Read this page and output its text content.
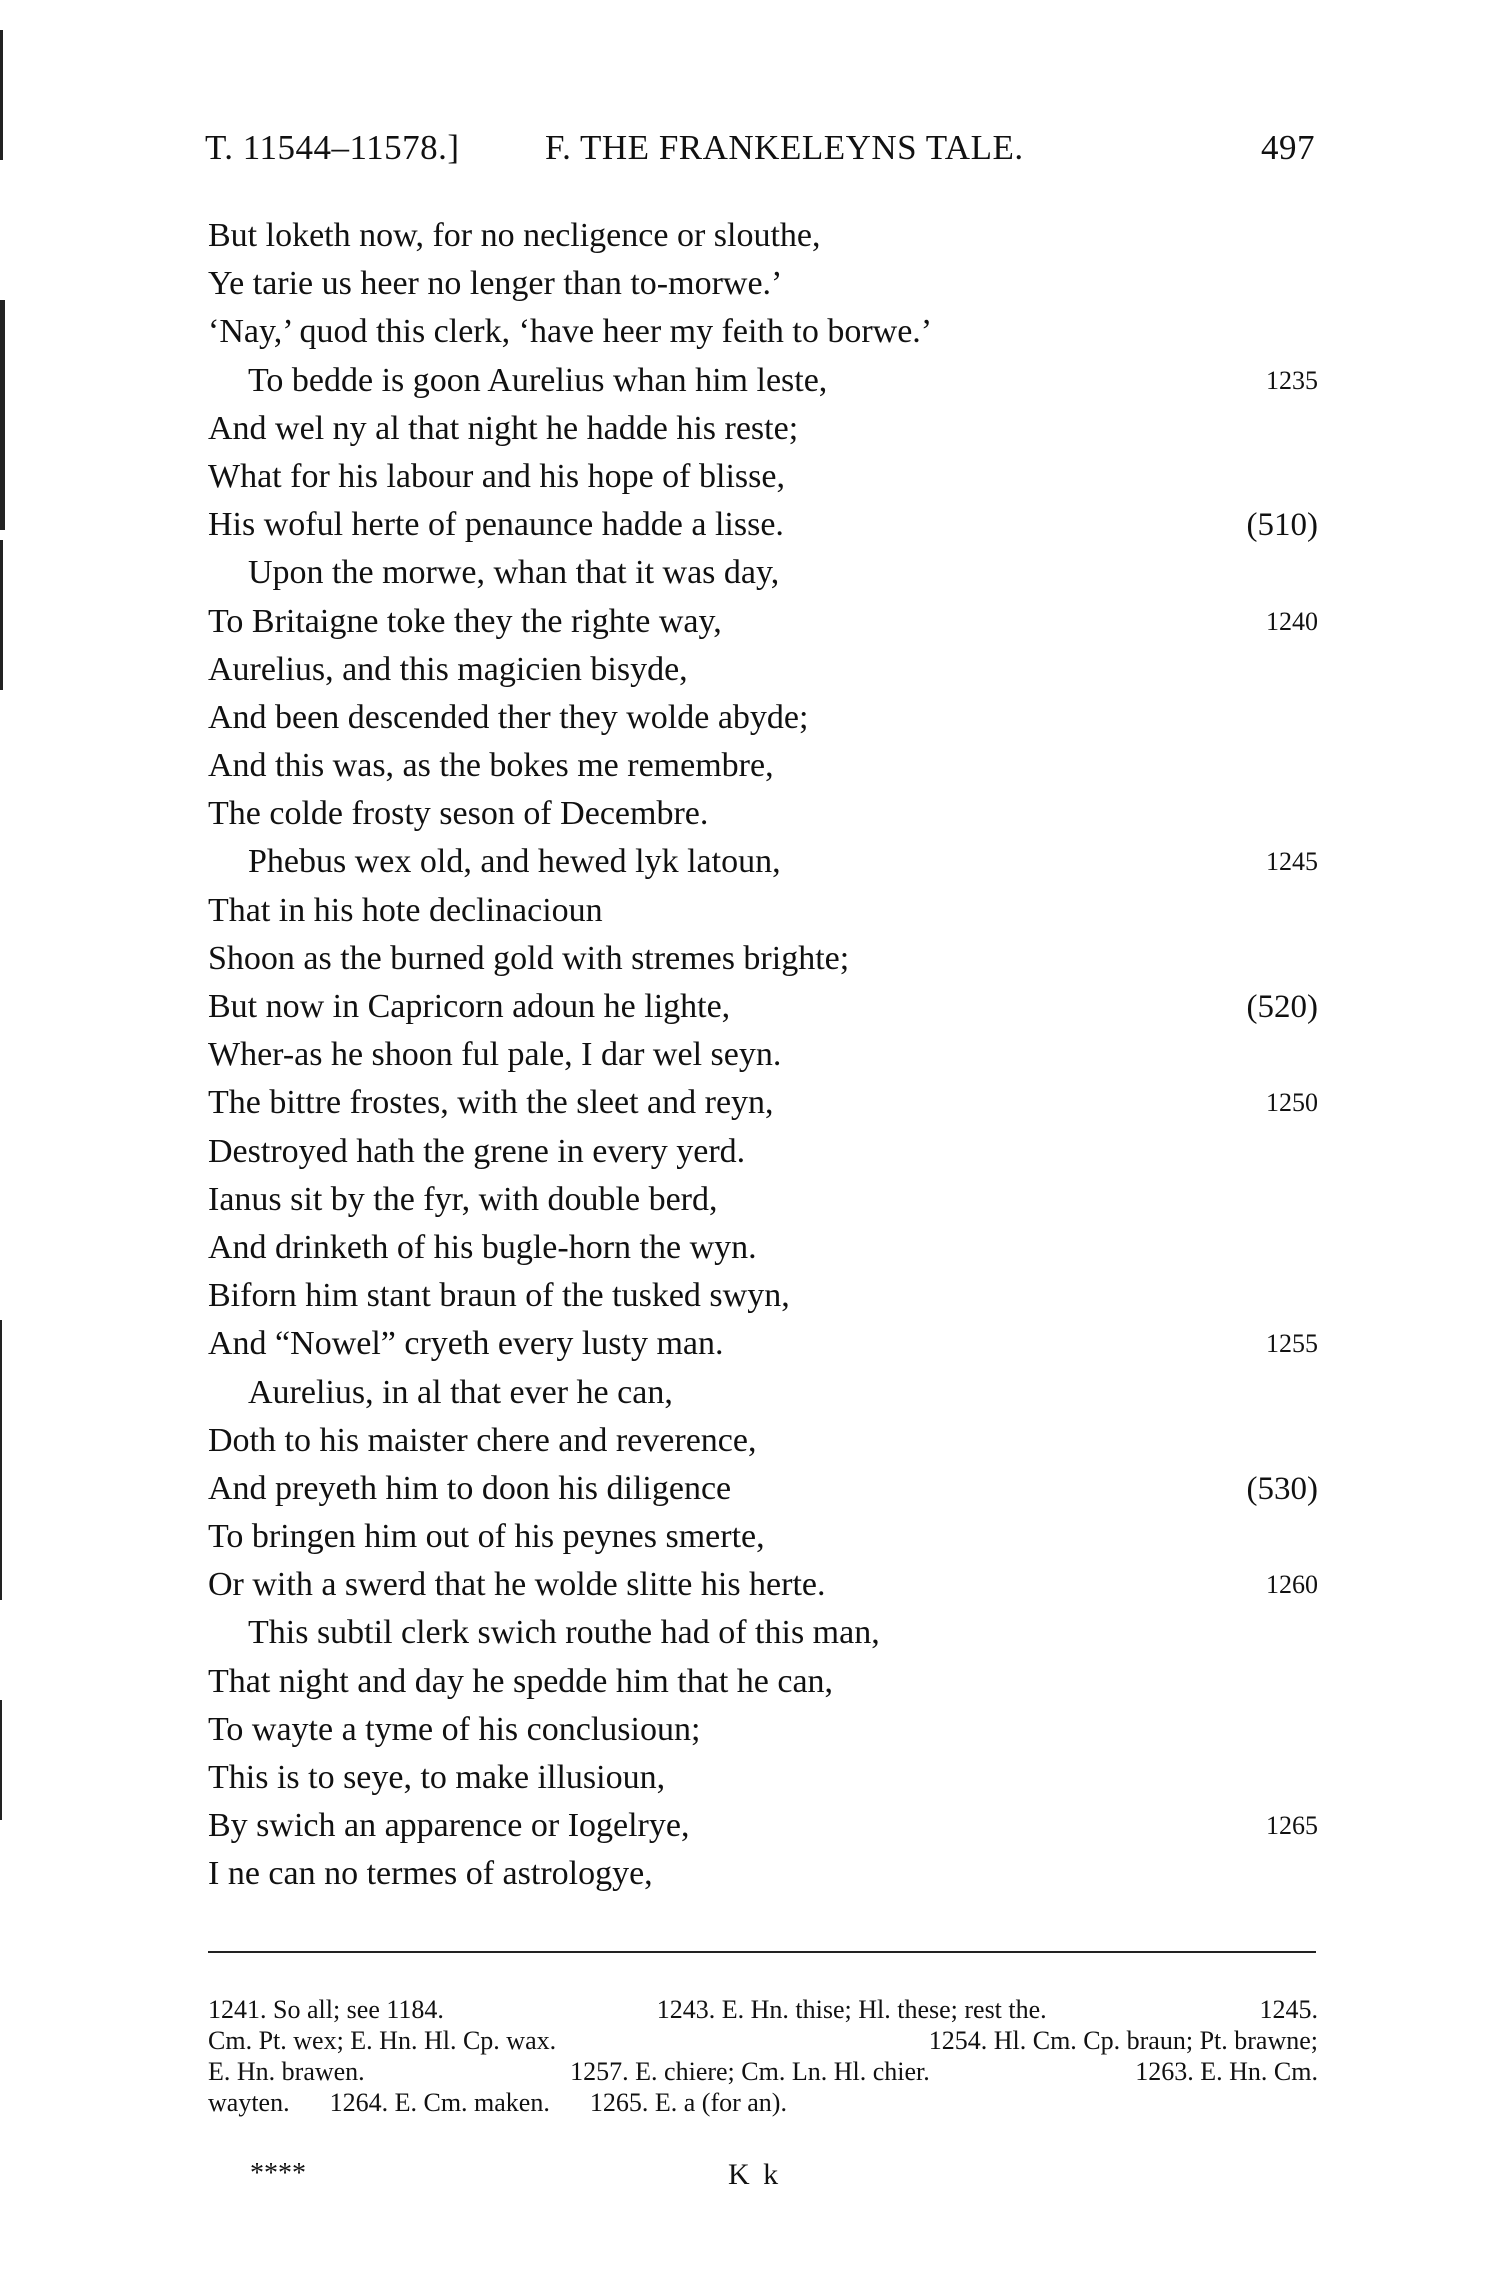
T. 11544–11578.] F. THE FRANKELEYNS TALE.	497
But loketh now, for no necligence or slouthe,
Ye tarie us heer no lenger than to-morwe.’
‘Nay,’ quod this clerk, ‘have heer my feith to borwe.’
To bedde is goon Aurelius whan him leste,	1235
And wel ny al that night he hadde his reste;
What for his labour and his hope of blisse,
His woful herte of penaunce hadde a lisse.	(510)
Upon the morwe, whan that it was day,
To Britaigne toke they the righte way,	1240
Aurelius, and this magicien bisyde,
And been descended ther they wolde abyde;
And this was, as the bokes me remembre,
The colde frosty seson of Decembre.
Phebus wex old, and hewed lyk latoun,	1245
That in his hote declinacioun
Shoon as the burned gold with stremes brighte;
But now in Capricorn adoun he lighte,	(520)
Wher-as he shoon ful pale, I dar wel seyn.
The bittre frostes, with the sleet and reyn,	1250
Destroyed hath the grene in every yerd.
Ianus sit by the fyr, with double berd,
And drinketh of his bugle-horn the wyn.
Biforn him stant braun of the tusked swyn,
And “Nowel” cryeth every lusty man.	1255
Aurelius, in al that ever he can,
Doth to his maister chere and reverence,
And preyeth him to doon his diligence	(530)
To bringen him out of his peynes smerte,
Or with a swerd that he wolde slitte his herte.	1260
This subtil clerk swich routhe had of this man,
That night and day he spedde him that he can,
To wayte a tyme of his conclusioun;
This is to seye, to make illusioun,
By swich an apparence or Iogelrye,	1265
I ne can no termes of astrologye,
1241. So all; see 1184.	1243. E. Hn. thise; Hl. these; rest the.	1245.
Cm. Pt. wex; E. Hn. Hl. Cp. wax.	1254. Hl. Cm. Cp. braun; Pt. brawne;
E. Hn. brawen.	1257. E. chiere; Cm. Ln. Hl. chier.	1263. E. Hn. Cm.
wayten. 1264. E. Cm. maken. 1265. E. a (for an).
****	K k
